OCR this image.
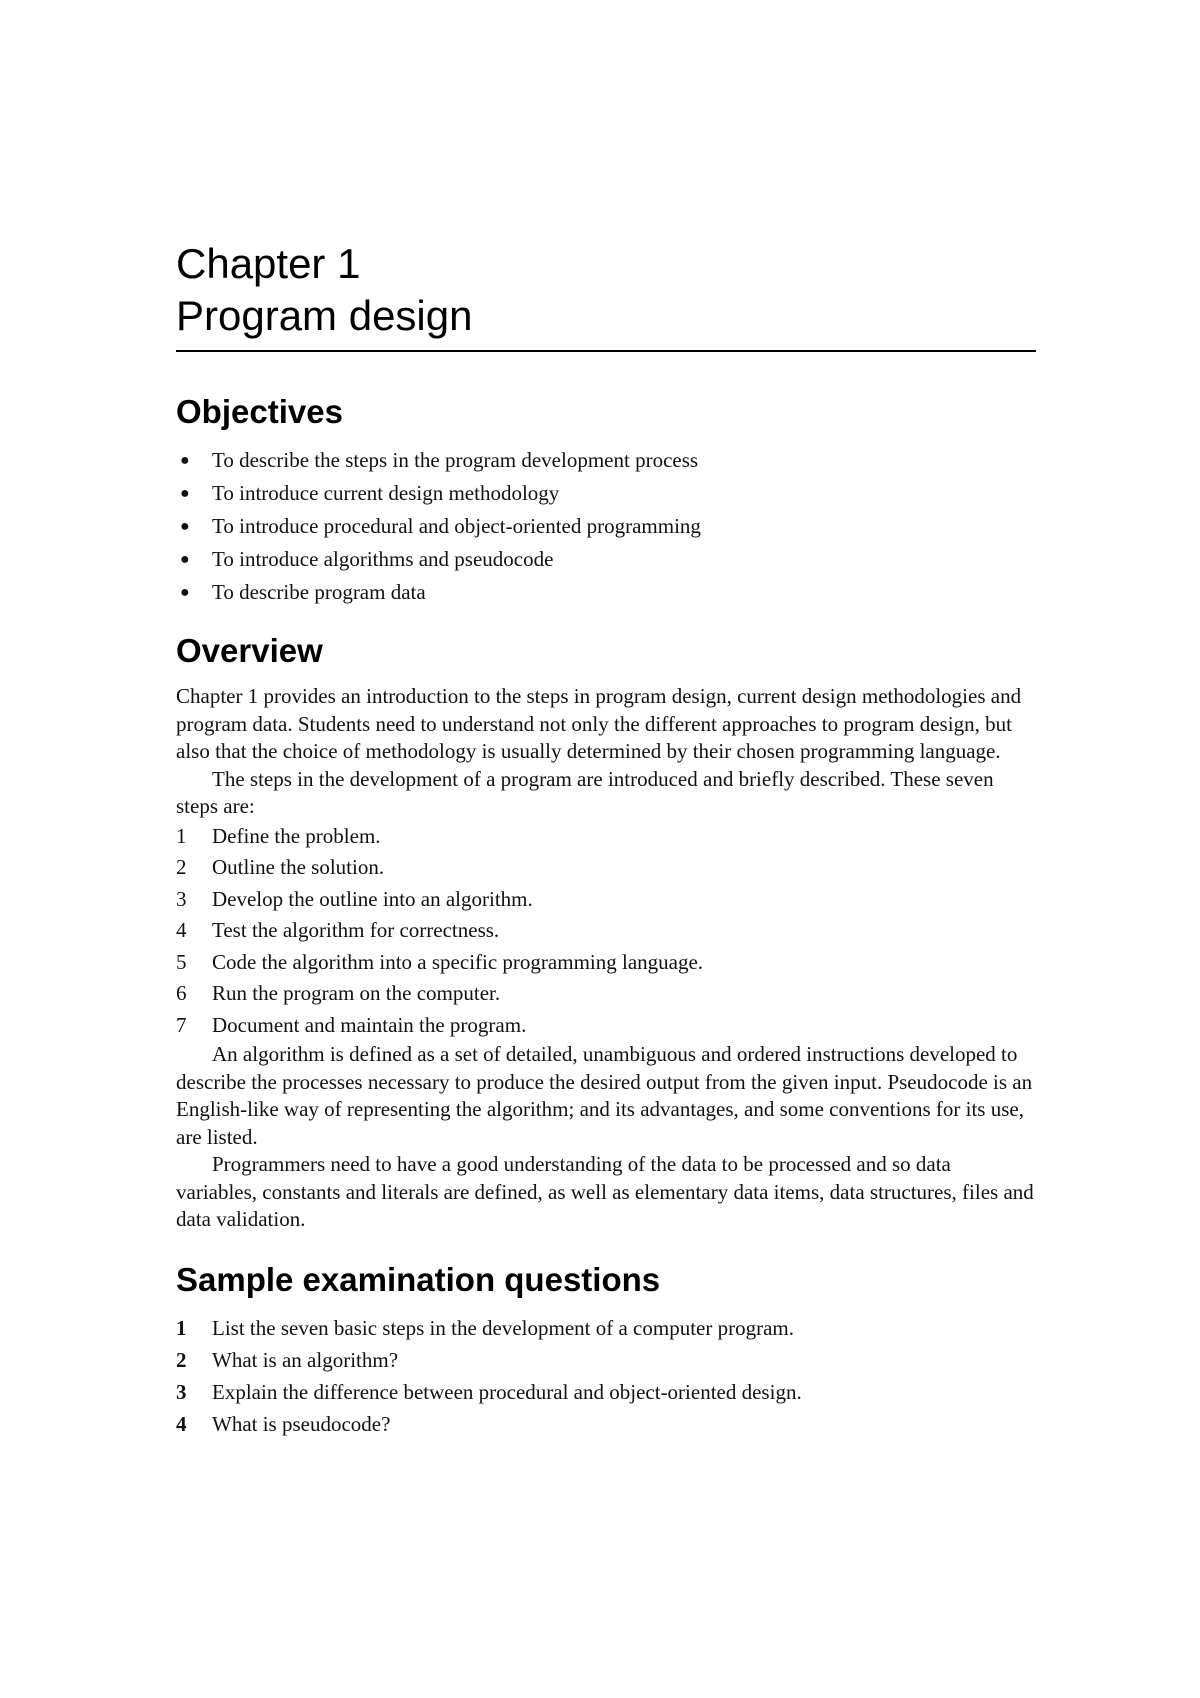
Chapter 1
Program design
Objectives
● To describe the steps in the program development process
● To introduce current design methodology
● To introduce procedural and object-oriented programming
● To introduce algorithms and pseudocode
● To describe program data
Overview

Chapter 1 provides an introduction to the steps in program design, current design methodologies and program data. Students need to understand not only the different approaches to program design, but also that the choice of methodology is usually determined by their chosen programming language.

The steps in the development of a program are introduced and briefly described. These seven steps are:

1 Define the problem.
2 Outline the solution.
3 Develop the outline into an algorithm.
4 Test the algorithm for correctness.
5 Code the algorithm into a specific programming language.
6 Run the program on the computer.
7 Document and maintain the program.

An algorithm is defined as a set of detailed, unambiguous and ordered instructions developed to describe the processes necessary to produce the desired output from the given input. Pseudocode is an English-like way of representing the algorithm; and its advantages, and some conventions for its use, are listed.

Programmers need to have a good understanding of the data to be processed and so data variables, constants and literals are defined, as well as elementary data items, data structures, files and data validation.

Sample examination questions
1 List the seven basic steps in the development of a computer program.
2 What is an algorithm?
3 Explain the difference between procedural and object-oriented design.
4 What is pseudocode?
